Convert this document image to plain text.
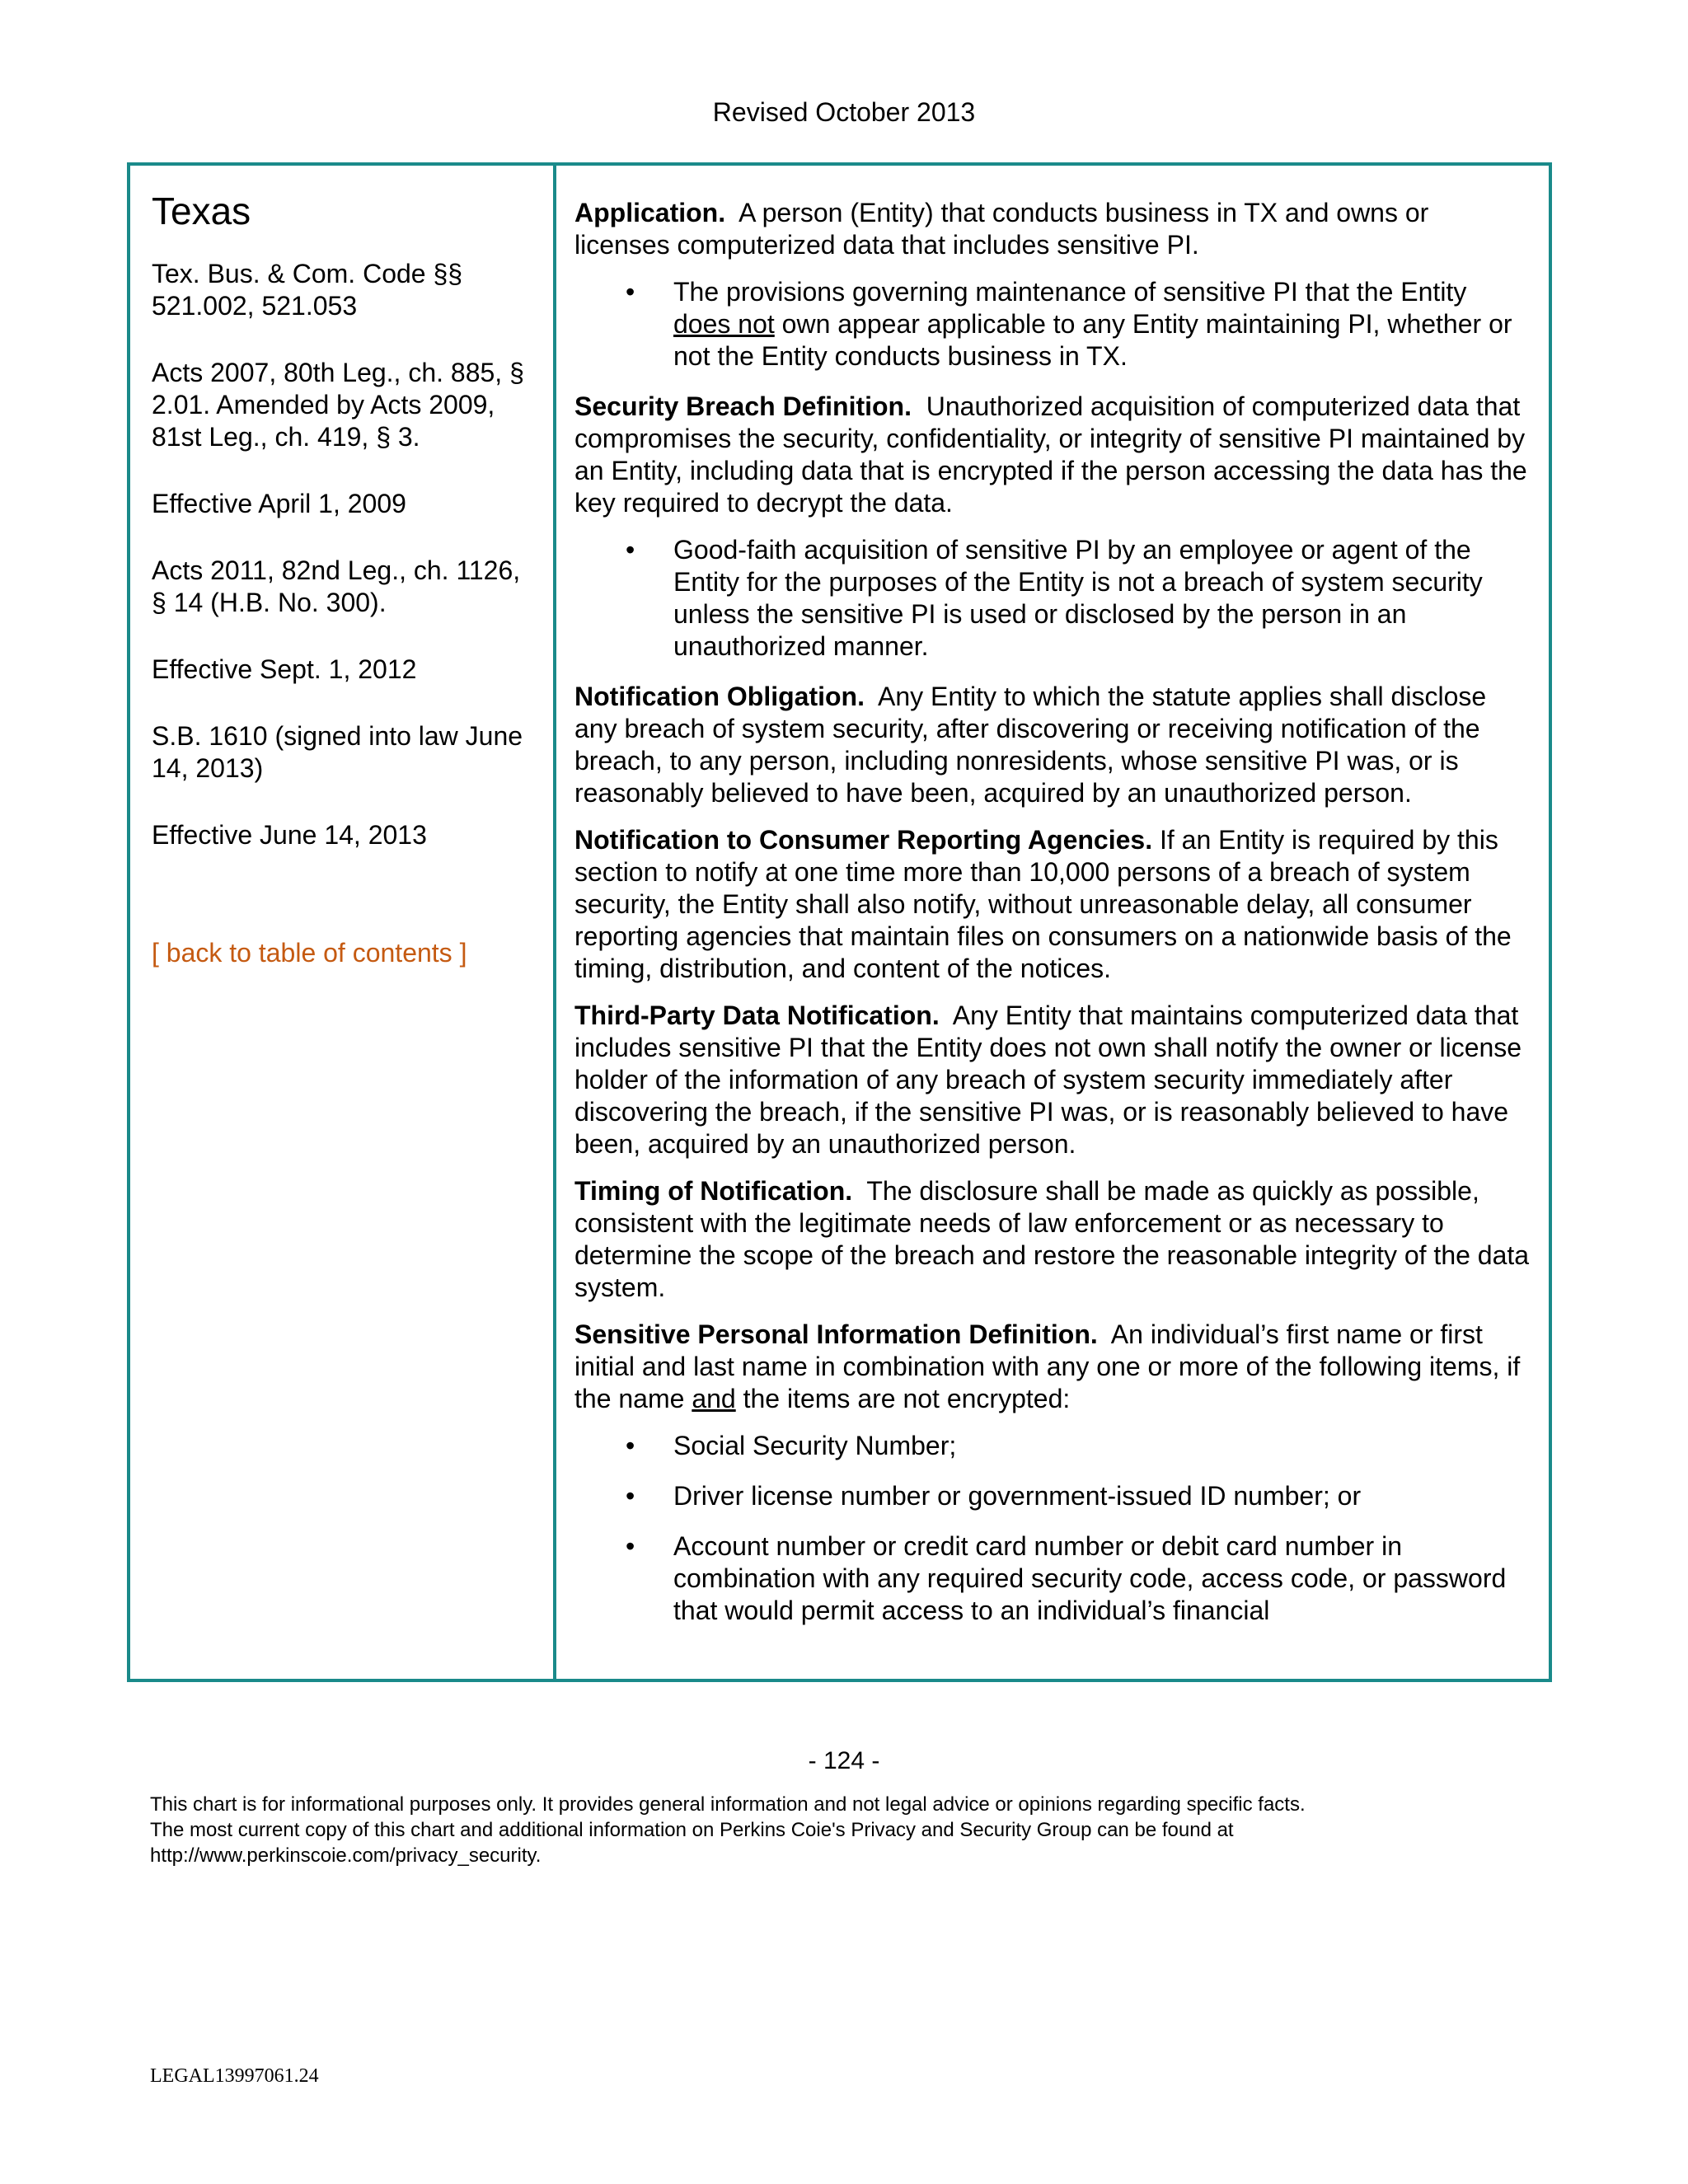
Revised October 2013
Texas

Tex. Bus. & Com. Code §§ 521.002, 521.053

Acts 2007, 80th Leg., ch. 885, § 2.01. Amended by Acts 2009, 81st Leg., ch. 419, § 3.

Effective April 1, 2009

Acts 2011, 82nd Leg., ch. 1126, § 14 (H.B. No. 300).

Effective Sept. 1, 2012

S.B. 1610 (signed into law June 14, 2013)

Effective June 14, 2013

[ back to table of contents ]

Application. A person (Entity) that conducts business in TX and owns or licenses computerized data that includes sensitive PI.

• The provisions governing maintenance of sensitive PI that the Entity does not own appear applicable to any Entity maintaining PI, whether or not the Entity conducts business in TX.

Security Breach Definition. Unauthorized acquisition of computerized data that compromises the security, confidentiality, or integrity of sensitive PI maintained by an Entity, including data that is encrypted if the person accessing the data has the key required to decrypt the data.

• Good-faith acquisition of sensitive PI by an employee or agent of the Entity for the purposes of the Entity is not a breach of system security unless the sensitive PI is used or disclosed by the person in an unauthorized manner.

Notification Obligation. Any Entity to which the statute applies shall disclose any breach of system security, after discovering or receiving notification of the breach, to any person, including nonresidents, whose sensitive PI was, or is reasonably believed to have been, acquired by an unauthorized person.

Notification to Consumer Reporting Agencies. If an Entity is required by this section to notify at one time more than 10,000 persons of a breach of system security, the Entity shall also notify, without unreasonable delay, all consumer reporting agencies that maintain files on consumers on a nationwide basis of the timing, distribution, and content of the notices.

Third-Party Data Notification. Any Entity that maintains computerized data that includes sensitive PI that the Entity does not own shall notify the owner or license holder of the information of any breach of system security immediately after discovering the breach, if the sensitive PI was, or is reasonably believed to have been, acquired by an unauthorized person.

Timing of Notification. The disclosure shall be made as quickly as possible, consistent with the legitimate needs of law enforcement or as necessary to determine the scope of the breach and restore the reasonable integrity of the data system.

Sensitive Personal Information Definition. An individual’s first name or first initial and last name in combination with any one or more of the following items, if the name and the items are not encrypted:

• Social Security Number;
• Driver license number or government-issued ID number; or
• Account number or credit card number or debit card number in combination with any required security code, access code, or password that would permit access to an individual’s financial
- 124 -
This chart is for informational purposes only. It provides general information and not legal advice or opinions regarding specific facts.
The most current copy of this chart and additional information on Perkins Coie's Privacy and Security Group can be found at
http://www.perkinscoie.com/privacy_security.
LEGAL13997061.24
